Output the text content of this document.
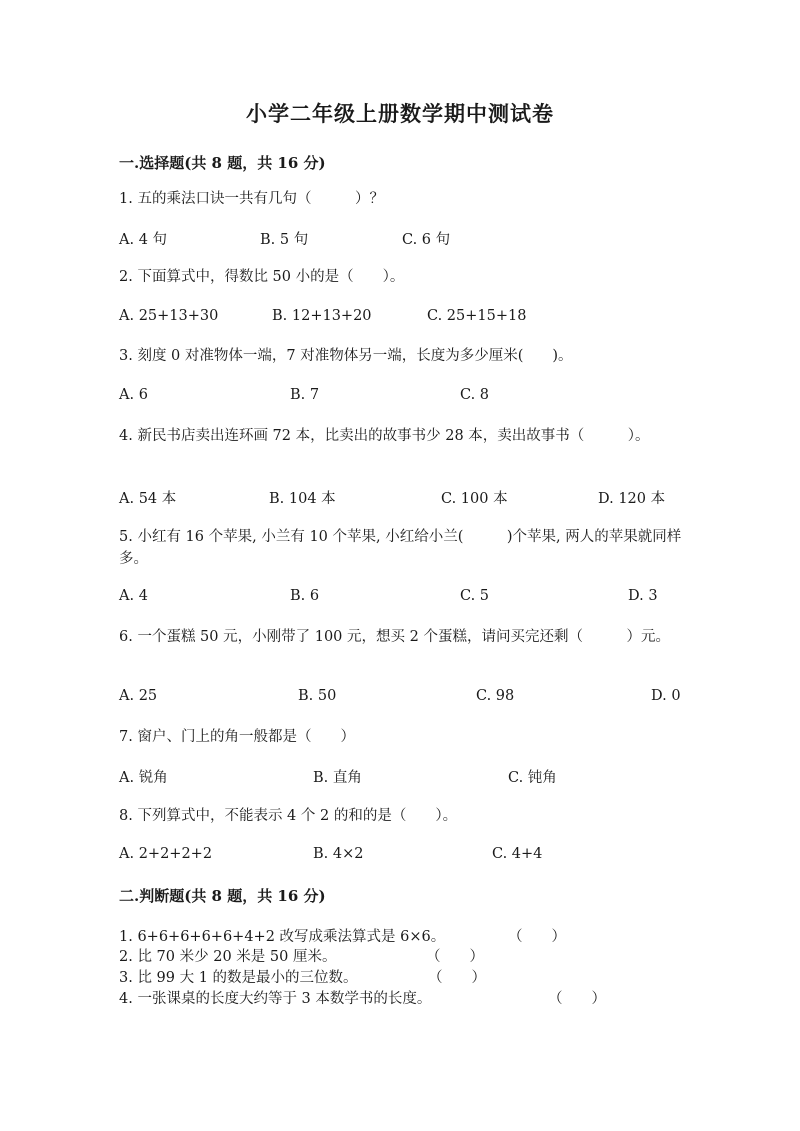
小学二年级上册数学期中测试卷
一.选择题(共 8 题，共 16 分)
1. 五的乘法口诀一共有几句（　　　）？
A. 4 句	B. 5 句	C. 6 句
2. 下面算式中，得数比 50 小的是（　　）。
A. 25+13+30	B. 12+13+20	C. 25+15+18
3. 刻度 0 对准物体一端，7 对准物体另一端，长度为多少厘米(　　)。
A. 6	B. 7	C. 8
4. 新民书店卖出连环画 72 本，比卖出的故事书少 28 本，卖出故事书（　　　）。
A. 54 本	B. 104 本	C. 100 本	D. 120 本
5. 小红有 16 个苹果, 小兰有 10 个苹果, 小红给小兰(　　　)个苹果, 两人的苹果就同样多。
A. 4	B. 6	C. 5	D. 3
6. 一个蛋糕 50 元，小刚带了 100 元，想买 2 个蛋糕，请问买完还剩（　　　）元。
A. 25	B. 50	C. 98	D. 0
7. 窗户、门上的角一般都是（　　）
A. 锐角	B. 直角	C. 钝角
8. 下列算式中，不能表示 4 个 2 的和的是（　　）。
A. 2+2+2+2	B. 4×2	C. 4+4
二.判断题(共 8 题，共 16 分)
1. 6+6+6+6+6+4+2 改写成乘法算式是 6×6。	（　　）
2. 比 70 米少 20 米是 50 厘米。	（　　）
3. 比 99 大 1 的数是最小的三位数。	（　　）
4. 一张课桌的长度大约等于 3 本数学书的长度。	（　　）
